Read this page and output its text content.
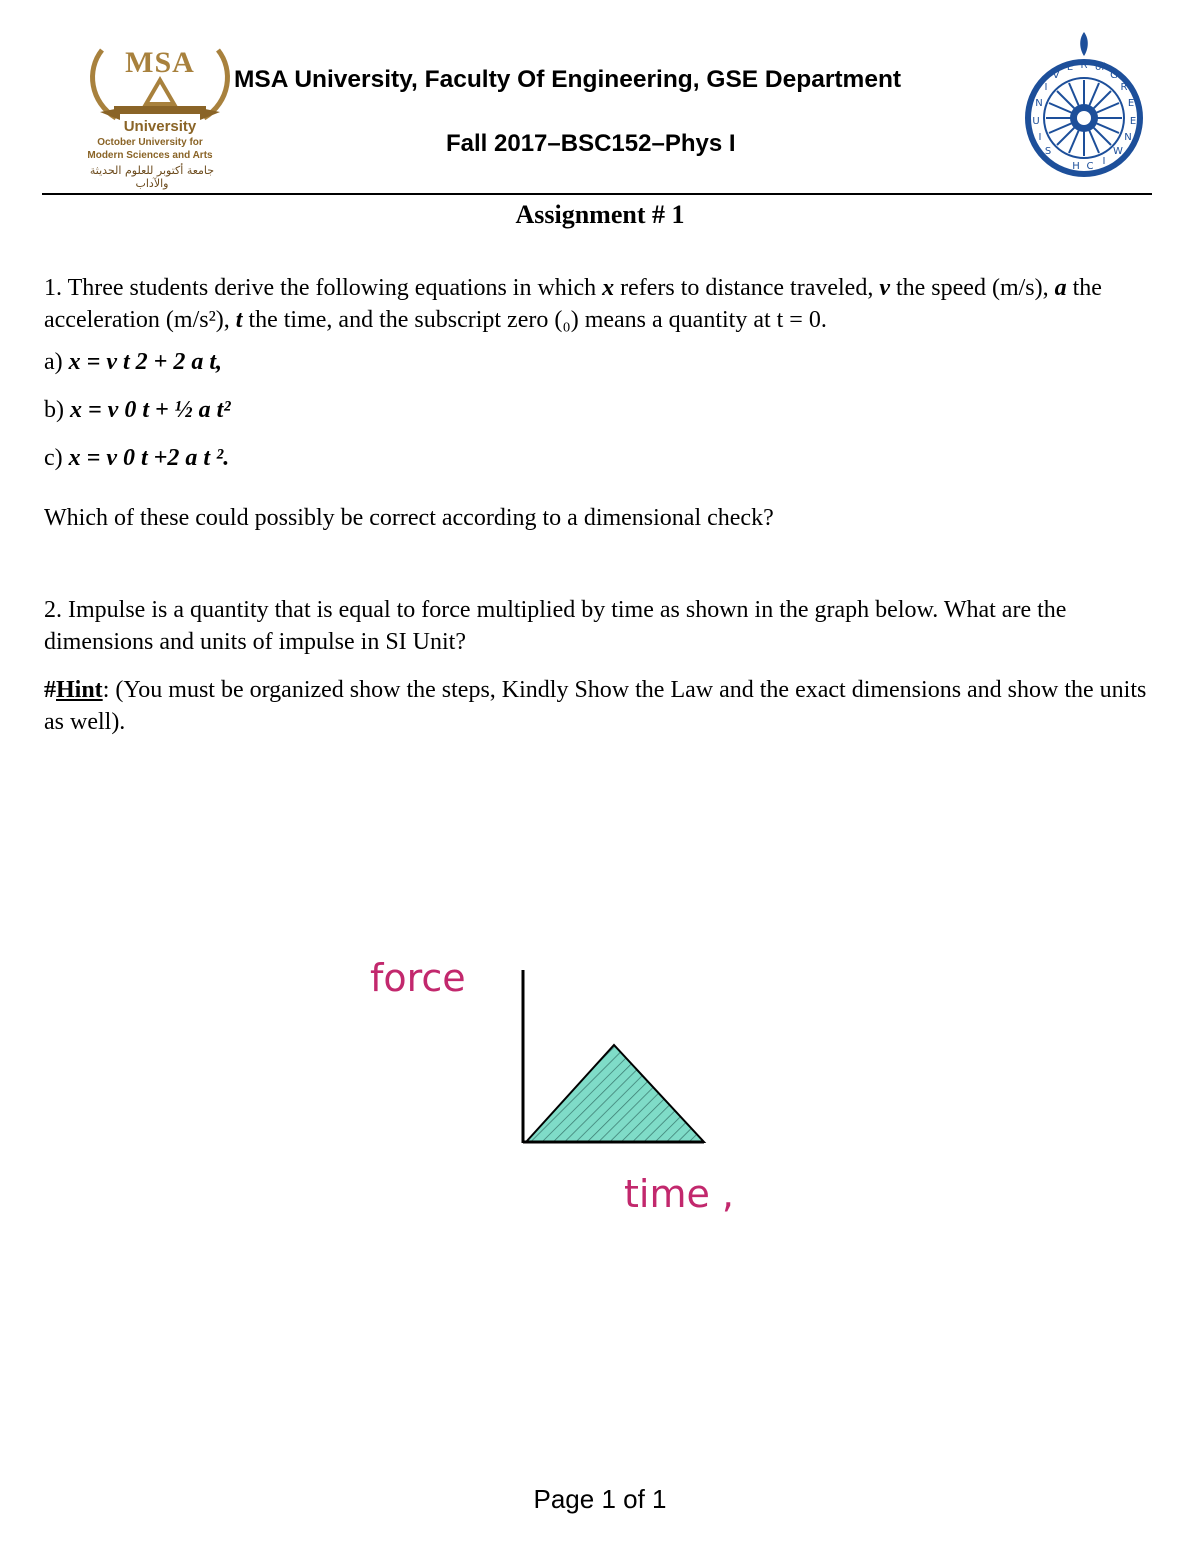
MSA
University
October University for
Modern Sciences and Arts
جامعة أكتوبر للعلوم الحديثة والآداب
MSA University, Faculty Of Engineering, GSE Department
Fall 2017–BSC152–Phys I
U
N
I
V
E R of
G
R
E
E
N
W
I
C
H
S
I
Assignment # 1

1. Three students derive the following equations in which x refers to distance traveled, v the speed (m/s), a the acceleration (m/s²), t the time, and the subscript zero (₀) means a quantity at t = 0.

a) x = v t 2 + 2 a t,

b) x = v 0 t + ½ a t²

c) x = v 0 t +2 a t ².

Which of these could possibly be correct according to a dimensional check?

2. Impulse is a quantity that is equal to force multiplied by time as shown in the graph below. What are the dimensions and units of impulse in SI Unit?

#Hint: (You must be organized show the steps, Kindly Show the Law and the exact dimensions and show the units as well).

force
time ,
Page 1 of 1
